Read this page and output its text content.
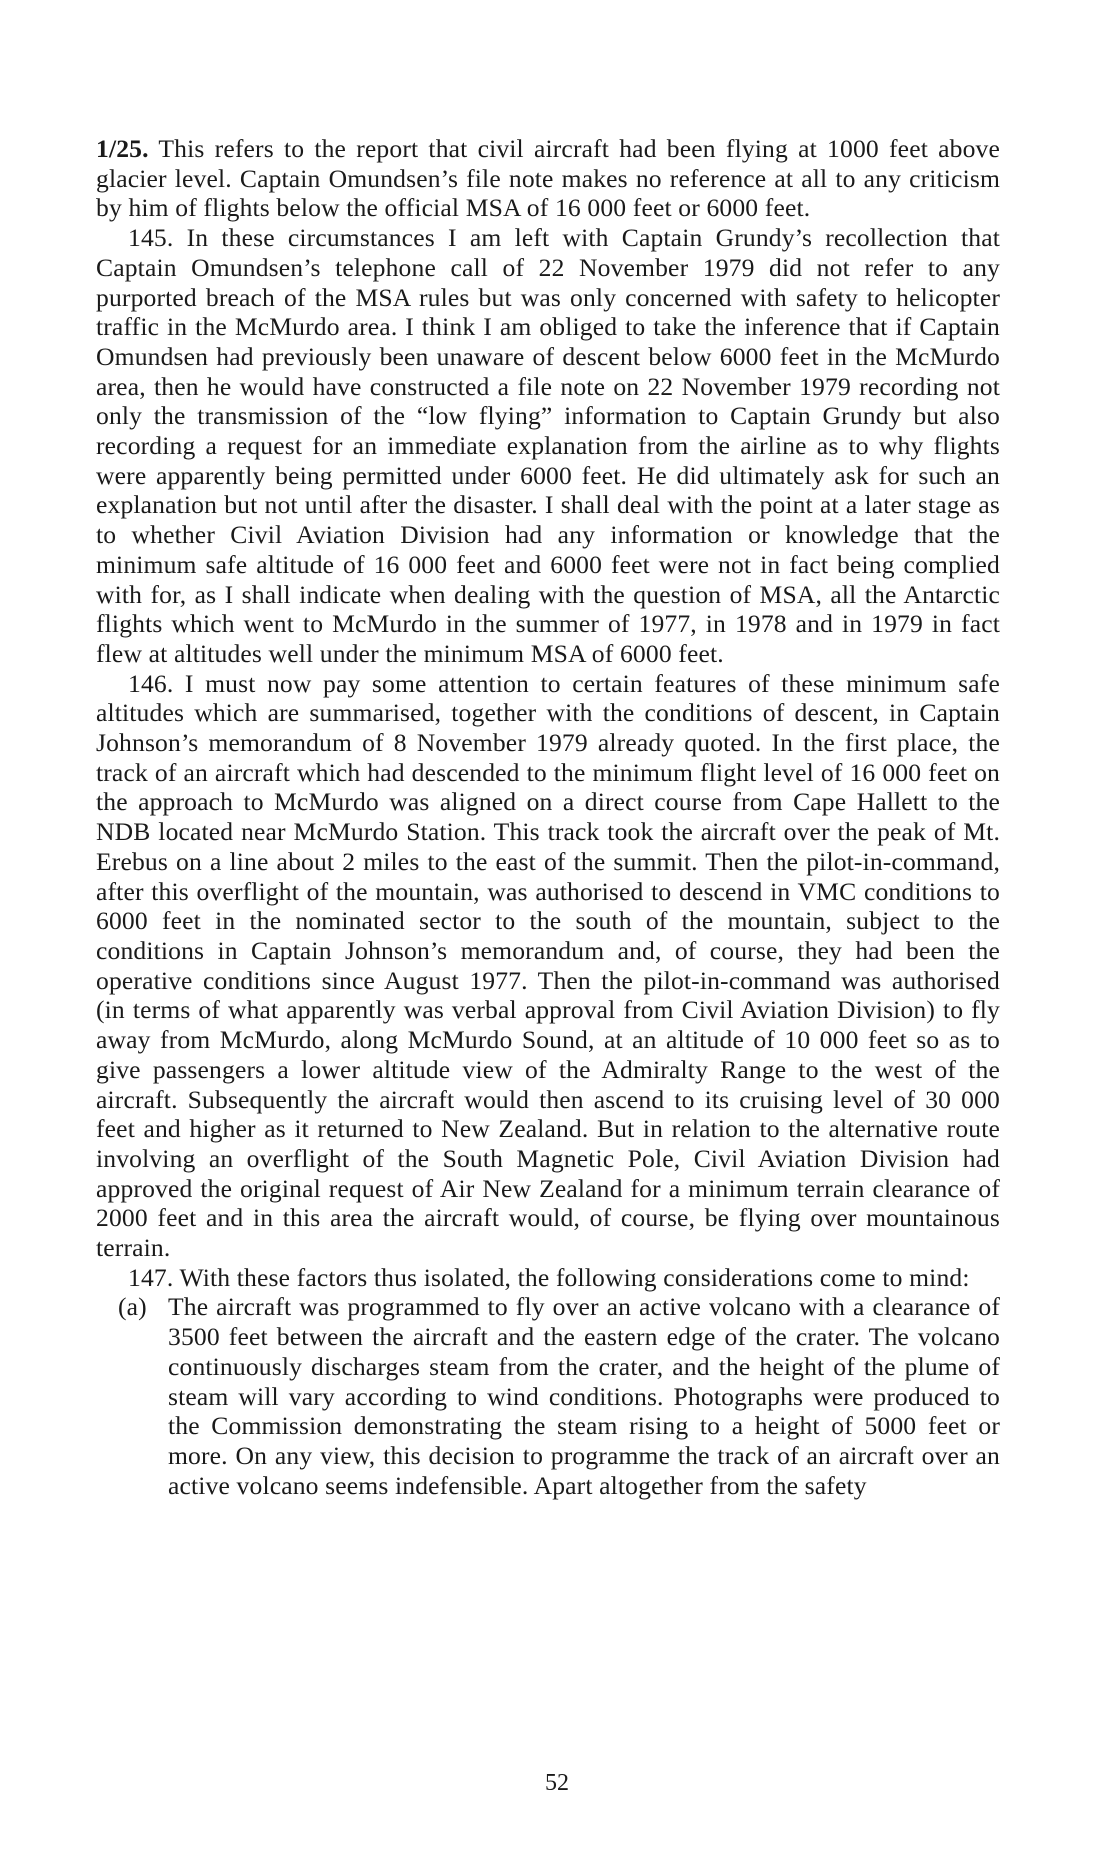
1/25. This refers to the report that civil aircraft had been flying at 1000 feet above glacier level. Captain Omundsen’s file note makes no reference at all to any criticism by him of flights below the official MSA of 16 000 feet or 6000 feet.

145. In these circumstances I am left with Captain Grundy’s recollection that Captain Omundsen’s telephone call of 22 November 1979 did not refer to any purported breach of the MSA rules but was only concerned with safety to helicopter traffic in the McMurdo area. I think I am obliged to take the inference that if Captain Omundsen had previously been unaware of descent below 6000 feet in the McMurdo area, then he would have constructed a file note on 22 November 1979 recording not only the transmission of the “low flying” information to Captain Grundy but also recording a request for an immediate explanation from the airline as to why flights were apparently being permitted under 6000 feet. He did ultimately ask for such an explanation but not until after the disaster. I shall deal with the point at a later stage as to whether Civil Aviation Division had any information or knowledge that the minimum safe altitude of 16 000 feet and 6000 feet were not in fact being complied with for, as I shall indicate when dealing with the question of MSA, all the Antarctic flights which went to McMurdo in the summer of 1977, in 1978 and in 1979 in fact flew at altitudes well under the minimum MSA of 6000 feet.

146. I must now pay some attention to certain features of these minimum safe altitudes which are summarised, together with the conditions of descent, in Captain Johnson’s memorandum of 8 November 1979 already quoted. In the first place, the track of an aircraft which had descended to the minimum flight level of 16 000 feet on the approach to McMurdo was aligned on a direct course from Cape Hallett to the NDB located near McMurdo Station. This track took the aircraft over the peak of Mt. Erebus on a line about 2 miles to the east of the summit. Then the pilot-in-command, after this overflight of the mountain, was authorised to descend in VMC conditions to 6000 feet in the nominated sector to the south of the mountain, subject to the conditions in Captain Johnson’s memorandum and, of course, they had been the operative conditions since August 1977. Then the pilot-in-command was authorised (in terms of what apparently was verbal approval from Civil Aviation Division) to fly away from McMurdo, along McMurdo Sound, at an altitude of 10 000 feet so as to give passengers a lower altitude view of the Admiralty Range to the west of the aircraft. Subsequently the aircraft would then ascend to its cruising level of 30 000 feet and higher as it returned to New Zealand. But in relation to the alternative route involving an overflight of the South Magnetic Pole, Civil Aviation Division had approved the original request of Air New Zealand for a minimum terrain clearance of 2000 feet and in this area the aircraft would, of course, be flying over mountainous terrain.

147. With these factors thus isolated, the following considerations come to mind:

(a) The aircraft was programmed to fly over an active volcano with a clearance of 3500 feet between the aircraft and the eastern edge of the crater. The volcano continuously discharges steam from the crater, and the height of the plume of steam will vary according to wind conditions. Photographs were produced to the Commission demonstrating the steam rising to a height of 5000 feet or more. On any view, this decision to programme the track of an aircraft over an active volcano seems indefensible. Apart altogether from the safety
52
